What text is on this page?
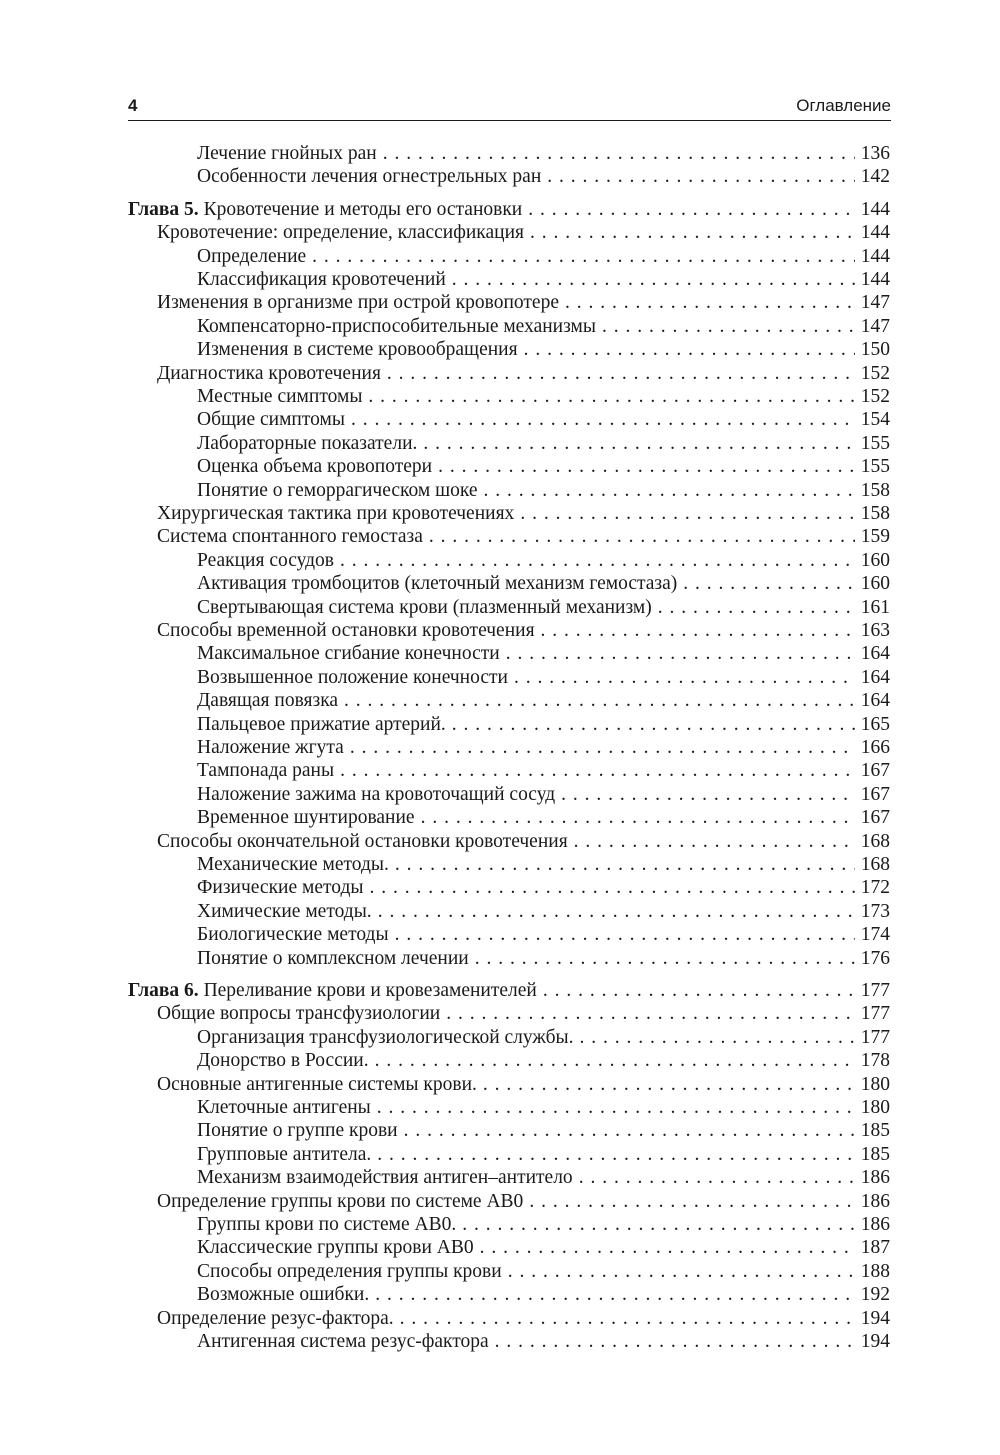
4	Оглавление
Лечение гнойных ран . . .	136
Особенности лечения огнестрельных ран . . .	142
Глава 5. Кровотечение и методы его остановки . . .	144
Кровотечение: определение, классификация . . .	144
Определение . . .	144
Классификация кровотечений . . .	144
Изменения в организме при острой кровопотере . . .	147
Компенсаторно-приспособительные механизмы . . .	147
Изменения в системе кровообращения . . .	150
Диагностика кровотечения . . .	152
Местные симптомы . . .	152
Общие симптомы . . .	154
Лабораторные показатели. . . .	155
Оценка объема кровопотери . . .	155
Понятие о геморрагическом шоке . . .	158
Хирургическая тактика при кровотечениях . . .	158
Система спонтанного гемостаза . . .	159
Реакция сосудов . . .	160
Активация тромбоцитов (клеточный механизм гемостаза) . . .	160
Свертывающая система крови (плазменный механизм) . . .	161
Способы временной остановки кровотечения . . .	163
Максимальное сгибание конечности . . .	164
Возвышенное положение конечности . . .	164
Давящая повязка . . .	164
Пальцевое прижатие артерий. . . .	165
Наложение жгута . . .	166
Тампонада раны . . .	167
Наложение зажима на кровоточащий сосуд . . .	167
Временное шунтирование . . .	167
Способы окончательной остановки кровотечения . . .	168
Механические методы. . . .	168
Физические методы . . .	172
Химические методы. . . .	173
Биологические методы . . .	174
Понятие о комплексном лечении . . .	176
Глава 6. Переливание крови и кровезаменителей . . .	177
Общие вопросы трансфузиологии . . .	177
Организация трансфузиологической службы. . . .	177
Донорство в России. . . .	178
Основные антигенные системы крови. . . .	180
Клеточные антигены . . .	180
Понятие о группе крови . . .	185
Групповые антитела. . . .	185
Механизм взаимодействия антиген–антитело . . .	186
Определение группы крови по системе AB0 . . .	186
Группы крови по системе AB0. . . .	186
Классические группы крови AB0 . . .	187
Способы определения группы крови . . .	188
Возможные ошибки. . . .	192
Определение резус-фактора. . . .	194
Антигенная система резус-фактора . . .	194
